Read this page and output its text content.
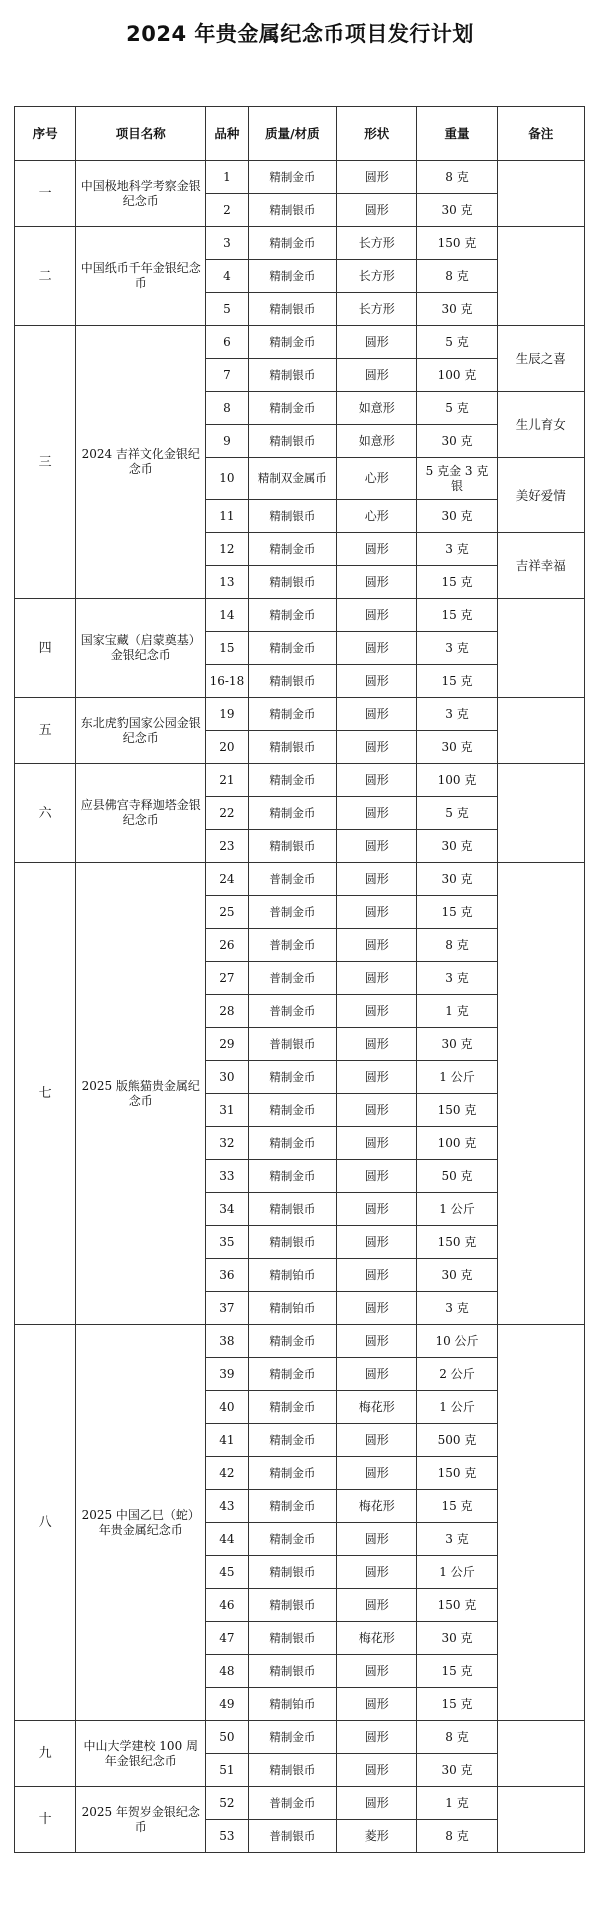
2024 年贵金属纪念币项目发行计划
序号	项目名称	品种	质量/材质	形状	重量	备注
一	中国极地科学考察金银纪念币	1	精制金币	圆形	8 克	
		2	精制银币	圆形	30 克	
二	中国纸币千年金银纪念币	3	精制金币	长方形	150 克	
		4	精制金币	长方形	8 克	
		5	精制银币	长方形	30 克	
三	2024 吉祥文化金银纪念币	6	精制金币	圆形	5 克	生辰之喜
		7	精制银币	圆形	100 克	
		8	精制金币	如意形	5 克	生儿育女
		9	精制银币	如意形	30 克	
		10	精制双金属币	心形	5 克金 3 克银	美好爱情
		11	精制银币	心形	30 克	
		12	精制金币	圆形	3 克	吉祥幸福
		13	精制银币	圆形	15 克	
四	国家宝藏（启蒙奠基）金银纪念币	14	精制金币	圆形	15 克	
		15	精制金币	圆形	3 克	
		16-18	精制银币	圆形	15 克	
五	东北虎豹国家公园金银纪念币	19	精制金币	圆形	3 克	
		20	精制银币	圆形	30 克	
六	应县佛宫寺释迦塔金银纪念币	21	精制金币	圆形	100 克	
		22	精制金币	圆形	5 克	
		23	精制银币	圆形	30 克	
七	2025 版熊猫贵金属纪念币	24	普制金币	圆形	30 克	
		25	普制金币	圆形	15 克	
		26	普制金币	圆形	8 克	
		27	普制金币	圆形	3 克	
		28	普制金币	圆形	1 克	
		29	普制银币	圆形	30 克	
		30	精制金币	圆形	1 公斤	
		31	精制金币	圆形	150 克	
		32	精制金币	圆形	100 克	
		33	精制金币	圆形	50 克	
		34	精制银币	圆形	1 公斤	
		35	精制银币	圆形	150 克	
		36	精制铂币	圆形	30 克	
		37	精制铂币	圆形	3 克	
八	2025 中国乙巳（蛇）年贵金属纪念币	38	精制金币	圆形	10 公斤	
		39	精制金币	圆形	2 公斤	
		40	精制金币	梅花形	1 公斤	
		41	精制金币	圆形	500 克	
		42	精制金币	圆形	150 克	
		43	精制金币	梅花形	15 克	
		44	精制金币	圆形	3 克	
		45	精制银币	圆形	1 公斤	
		46	精制银币	圆形	150 克	
		47	精制银币	梅花形	30 克	
		48	精制银币	圆形	15 克	
		49	精制铂币	圆形	15 克	
九	中山大学建校 100 周年金银纪念币	50	精制金币	圆形	8 克	
		51	精制银币	圆形	30 克	
十	2025 年贺岁金银纪念币	52	普制金币	圆形	1 克	
		53	普制银币	菱形	8 克	
